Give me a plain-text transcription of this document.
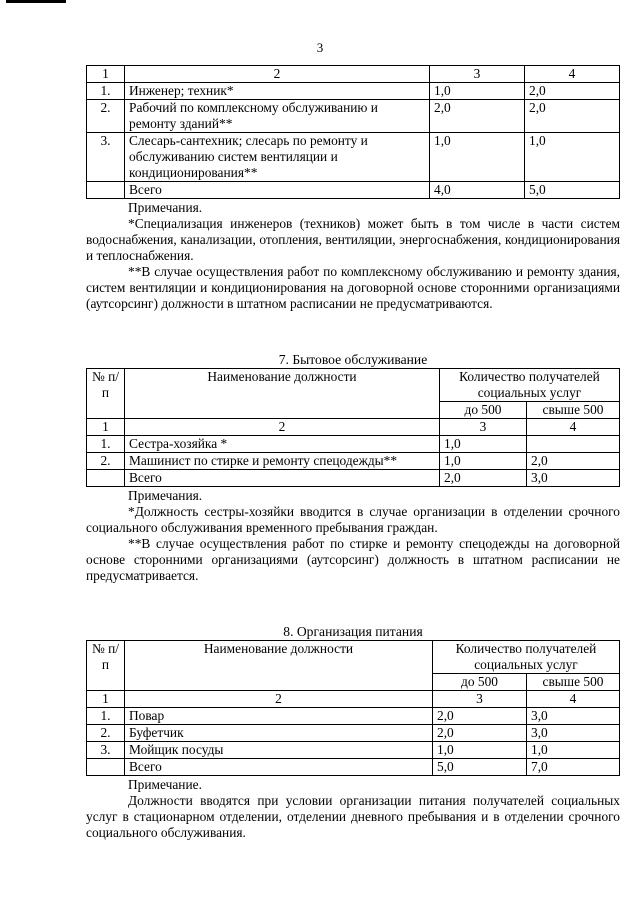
3
1	2	3	4
1.	Инженер; техник*	1,0	2,0
2.	Рабочий по комплексному обслуживанию и ремонту зданий**	2,0	2,0
3.	Слесарь-сантехник; слесарь по ремонту и обслуживанию систем вентиляции и кондиционирования**	1,0	1,0
	Всего	4,0	5,0
Примечания.

*Специализация инженеров (техников) может быть в том числе в части систем водоснабжения, канализации, отопления, вентиляции, энергоснабжения, кондиционирования и теплоснабжения.

**В случае осуществления работ по комплексному обслуживанию и ремонту здания, систем вентиляции и кондиционирования на договорной основе сторонними организациями (аутсорсинг) должности в штатном расписании не предусматриваются.

7. Бытовое обслуживание
№ п/п	Наименование должности	Количество получателей социальных услуг	
		до 500	свыше 500
1	2	3	4
1.	Сестра-хозяйка *	1,0	
2.	Машинист по стирке и ремонту спецодежды**	1,0	2,0
	Всего	2,0	3,0
Примечания.

*Должность сестры-хозяйки вводится в случае организации в отделении срочного социального обслуживания временного пребывания граждан.

**В случае осуществления работ по стирке и ремонту спецодежды на договорной основе сторонними организациями (аутсорсинг) должность в штатном расписании не предусматривается.

8. Организация питания
№ п/п	Наименование должности	Количество получателей социальных услуг	
		до 500	свыше 500
1	2	3	4
1.	Повар	2,0	3,0
2.	Буфетчик	2,0	3,0
3.	Мойщик посуды	1,0	1,0
	Всего	5,0	7,0
Примечание.

Должности вводятся при условии организации питания получателей социальных услуг в стационарном отделении, отделении дневного пребывания и в отделении срочного социального обслуживания.
